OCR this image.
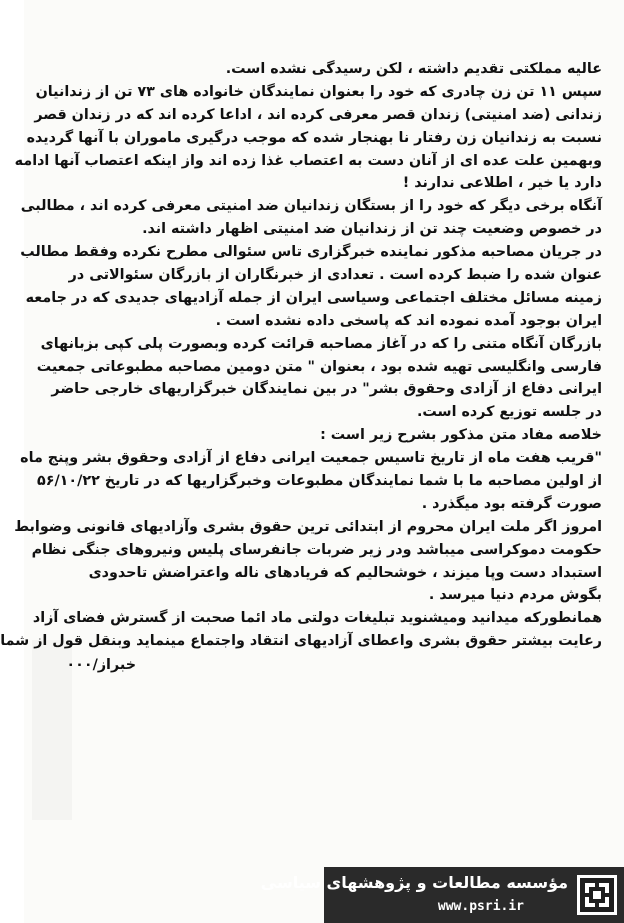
عالیه مملکتی تقدیم داشته ، لکن رسیدگی نشده است.
سپس ۱۱ تن زن چادری که خود را بعنوان نمایندگان خانواده های ۷۳ تن از زندانیان
زندانی (ضد امنیتی) زندان قصر معرفی کرده اند ، اداعا کرده اند که در زندان قصر
نسبت به زندانیان زن رفتار نا بهنجار شده که موجب درگیری ماموران با آنها گردیده
وبهمین علت عده ای از آنان دست به اعتصاب غذا زده اند واز اینکه اعتصاب آنها ادامه
دارد یا خیر ، اطلاعی ندارند !
آنگاه برخی دیگر که خود را از بستگان زندانیان ضد امنیتی معرفی کرده اند ، مطالبی
در خصوص وضعیت چند تن از زندانیان ضد امنیتی اظهار داشته اند.
در جریان مصاحبه مذکور نماینده خبرگزاری تاس سئوالی مطرح نکرده وفقط مطالب
عنوان شده را ضبط کرده است . تعدادی از خبرنگاران از بازرگان سئوالاتی در
زمینه مسائل مختلف اجتماعی وسیاسی ایران از جمله آزادیهای جدیدی که در جامعه
ایران بوجود آمده نموده اند که پاسخی داده نشده است .
بازرگان آنگاه متنی را که در آغاز مصاحبه قرائت کرده وبصورت پلی کپی بزبانهای
فارسی وانگلیسی تهیه شده بود ، بعنوان " متن دومین مصاحبه مطبوعاتی جمعیت
ایرانی دفاع از آزادی وحقوق بشر" در بین نمایندگان خبرگزاریهای خارجی حاضر
در جلسه توزیع کرده است.
خلاصه مفاد متن مذکور بشرح زیر است :
"قریب هفت ماه از تاریخ تاسیس جمعیت ایرانی دفاع از آزادی وحقوق بشر وپنج ماه
از اولین مصاحبه ما با شما نمایندگان مطبوعات وخبرگزاریها که در تاریخ ۵۶/۱۰/۲۲
صورت گرفته بود میگذرد .
امروز اگر ملت ایران محروم از ابتدائی ترین حقوق بشری وآزادیهای قانونی وضوابط
حکومت دموکراسی میباشد ودر زیر ضربات جانفرسای پلیس ونیروهای جنگی نظام
استبداد دست وپا میزند ، خوشحالیم که فریادهای ناله واعتراضش تاحدودی
بگوش مردم دنیا میرسد .
همانطورکه میدانید ومیشنوید تبلیغات دولتی ماد ائما صحبت از گسترش فضای آزاد
رعایت بیشتر حقوق بشری واعطای آزادیهای انتقاد واجتماع مینماید وبنقل قول از شما
خبراز/۰۰۰
مؤسسه مطالعات و پژوهشهای سیاسی
www.psri.ir
